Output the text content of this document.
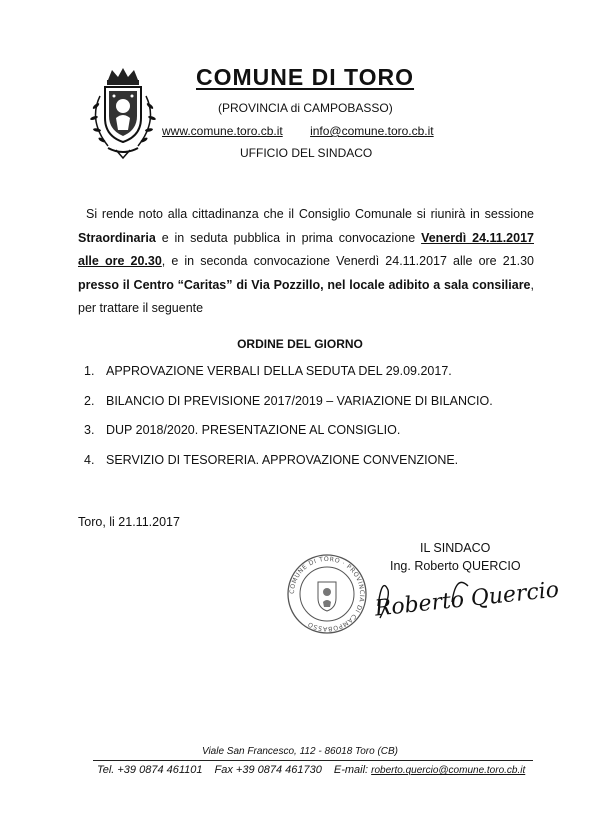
COMUNE DI TORO
(PROVINCIA di CAMPOBASSO)
www.comune.toro.cb.it info@comune.toro.cb.it
UFFICIO DEL SINDACO
Si rende noto alla cittadinanza che il Consiglio Comunale si riunirà in sessione Straordinaria e in seduta pubblica in prima convocazione Venerdì 24.11.2017 alle ore 20.30, e in seconda convocazione Venerdì 24.11.2017 alle ore 21.30 presso il Centro “Caritas” di Via Pozzillo, nel locale adibito a sala consiliare, per trattare il seguente
ORDINE DEL GIORNO
1. APPROVAZIONE VERBALI DELLA SEDUTA DEL 29.09.2017.
2. BILANCIO DI PREVISIONE 2017/2019 – VARIAZIONE DI BILANCIO.
3. DUP 2018/2020. PRESENTAZIONE AL CONSIGLIO.
4. SERVIZIO DI TESORERIA. APPROVAZIONE CONVENZIONE.
Toro, li 21.11.2017
IL SINDACO
Ing. Roberto QUERCIO
COMUNE DI TORO · PROVINCIA DI CAMPOBASSO
Roberto Quercio
Viale San Francesco, 112 - 86018 Toro (CB)
Tel. +39 0874 461101 Fax +39 0874 461730 E-mail: roberto.quercio@comune.toro.cb.it
